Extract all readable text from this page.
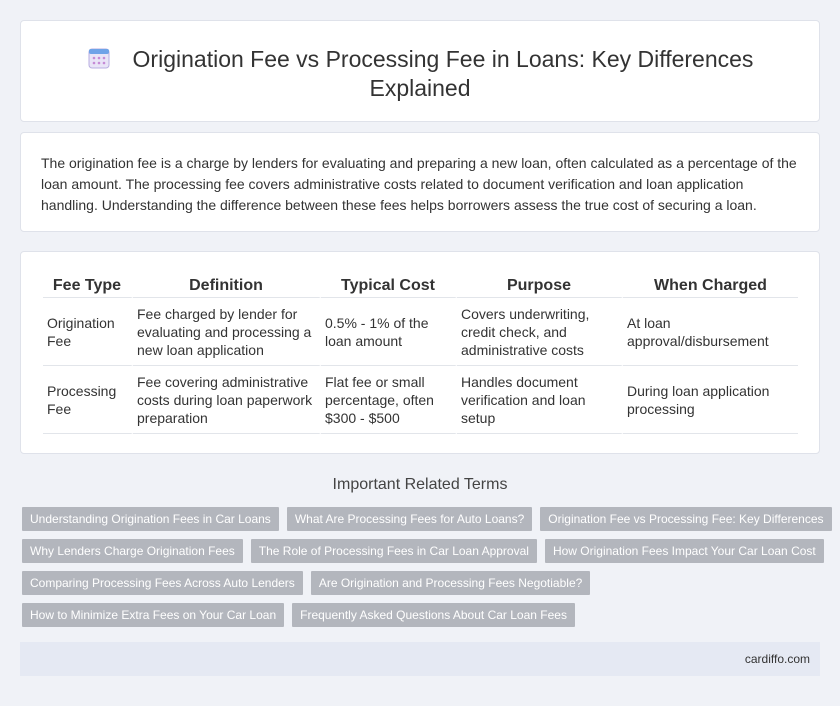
Origination Fee vs Processing Fee in Loans: Key Differences Explained

The origination fee is a charge by lenders for evaluating and preparing a new loan, often calculated as a percentage of the loan amount. The processing fee covers administrative costs related to document verification and loan application handling. Understanding the difference between these fees helps borrowers assess the true cost of securing a loan.

Fee Type	Definition	Typical Cost	Purpose	When Charged
Origination Fee	Fee charged by lender for evaluating and processing a new loan application	0.5% - 1% of the loan amount	Covers underwriting, credit check, and administrative costs	At loan approval/disbursement
Processing Fee	Fee covering administrative costs during loan paperwork preparation	Flat fee or small percentage, often $300 - $500	Handles document verification and loan setup	During loan application processing
Important Related Terms
Understanding Origination Fees in Car Loans What Are Processing Fees for Auto Loans? Origination Fee vs Processing Fee: Key Differences
Why Lenders Charge Origination Fees The Role of Processing Fees in Car Loan Approval How Origination Fees Impact Your Car Loan Cost
Comparing Processing Fees Across Auto Lenders Are Origination and Processing Fees Negotiable?
How to Minimize Extra Fees on Your Car Loan Frequently Asked Questions About Car Loan Fees
cardiffo.com
